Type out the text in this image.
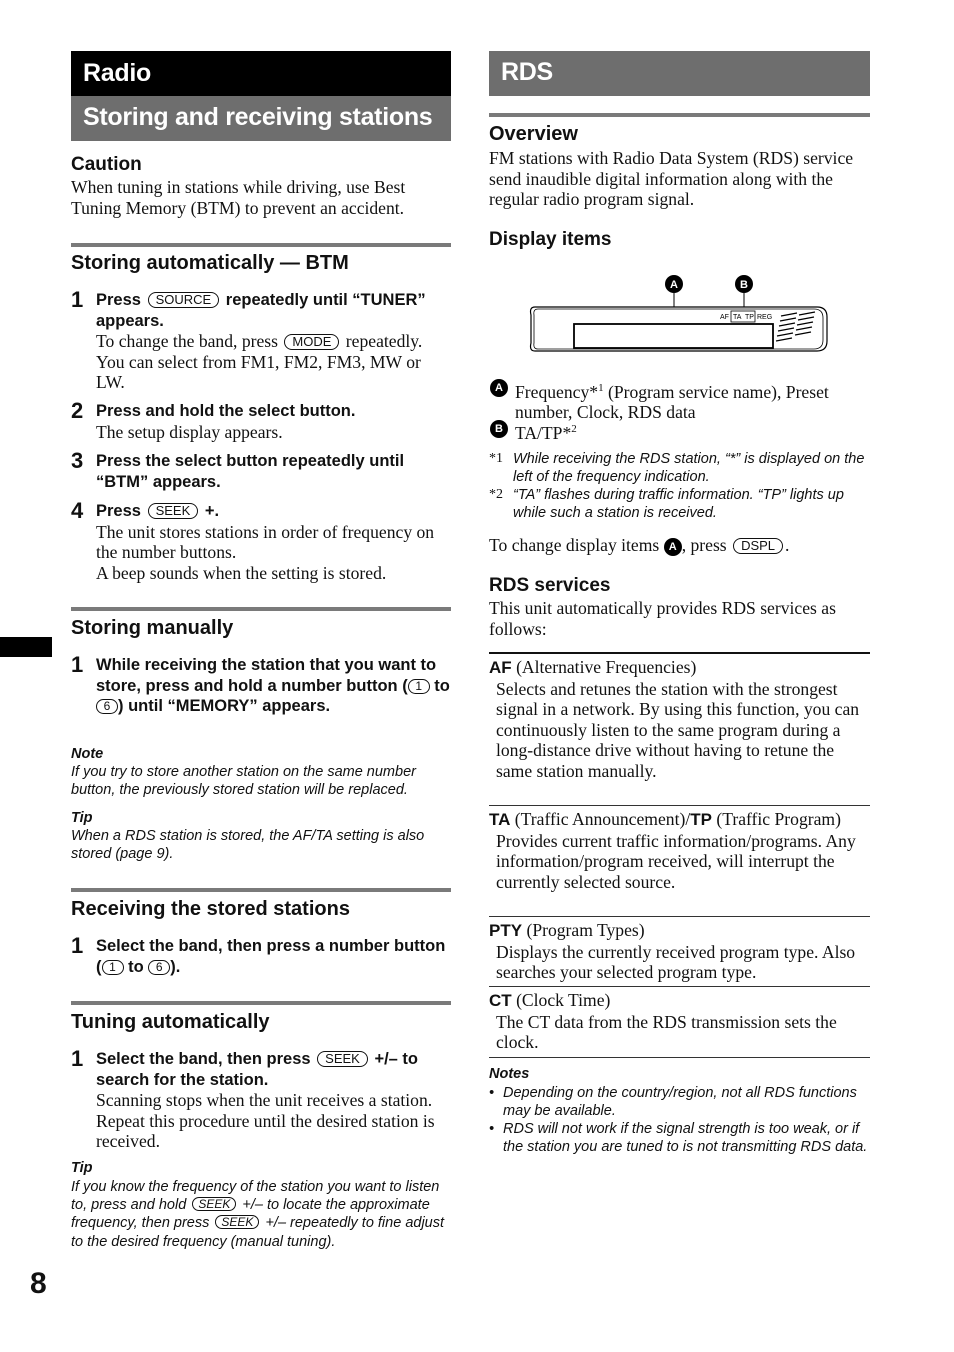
Radio
Storing and receiving stations
Caution
When tuning in stations while driving, use Best Tuning Memory (BTM) to prevent an accident.
Storing automatically — BTM
1 Press SOURCE repeatedly until “TUNER” appears.
To change the band, press MODE repeatedly. You can select from FM1, FM2, FM3, MW or LW.
2 Press and hold the select button.
The setup display appears.
3 Press the select button repeatedly until “BTM” appears.
4 Press SEEK +.
The unit stores stations in order of frequency on the number buttons.
A beep sounds when the setting is stored.
Storing manually
1 While receiving the station that you want to store, press and hold a number button ( 1 to 6 ) until “MEMORY” appears.
Note
If you try to store another station on the same number button, the previously stored station will be replaced.
Tip
When a RDS station is stored, the AF/TA setting is also stored (page 9).
Receiving the stored stations
1 Select the band, then press a number button ( 1 to 6 ).
Tuning automatically
1 Select the band, then press SEEK +/– to search for the station.
Scanning stops when the unit receives a station. Repeat this procedure until the desired station is received.
Tip
If you know the frequency of the station you want to listen to, press and hold SEEK +/– to locate the approximate frequency, then press SEEK +/– repeatedly to fine adjust to the desired frequency (manual tuning).
RDS
Overview
FM stations with Radio Data System (RDS) service send inaudible digital information along with the regular radio program signal.
Display items
A	B
AF TA TP REG
A Frequency*$^1$ (Program service name), Preset number, Clock, RDS data
B TA/TP*$^2$
*1 While receiving the RDS station, “*” is displayed on the left of the frequency indication.
*2 “TA” flashes during traffic information. “TP” lights up while such a station is received.
To change display items A , press DSPL .
RDS services
This unit automatically provides RDS services as follows:
AF (Alternative Frequencies)
Selects and retunes the station with the strongest signal in a network. By using this function, you can continuously listen to the same program during a long-distance drive without having to retune the same station manually.
TA (Traffic Announcement)/TP (Traffic Program)
Provides current traffic information/programs. Any information/program received, will interrupt the currently selected source.
PTY (Program Types)
Displays the currently received program type. Also searches your selected program type.
CT (Clock Time)
The CT data from the RDS transmission sets the clock.
Notes
• Depending on the country/region, not all RDS functions may be available.
• RDS will not work if the signal strength is too weak, or if the station you are tuned to is not transmitting RDS data.
8
